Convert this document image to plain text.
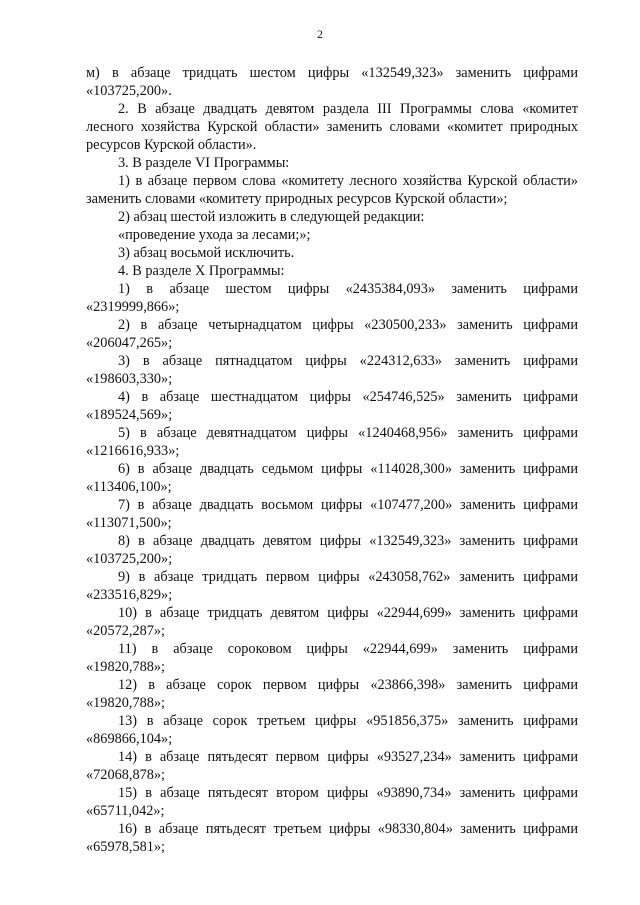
2

м) в абзаце тридцать шестом цифры «132549,323» заменить цифрами «103725,200».

2. В абзаце двадцать девятом раздела III Программы слова «комитет лесного хозяйства Курской области» заменить словами «комитет природных ресурсов Курской области».

3. В разделе VI Программы:

1) в абзаце первом слова «комитету лесного хозяйства Курской области» заменить словами «комитету природных ресурсов Курской области»;

2) абзац шестой изложить в следующей редакции:

«проведение ухода за лесами;»;

3) абзац восьмой исключить.

4. В разделе X Программы:

1) в абзаце шестом цифры «2435384,093» заменить цифрами «2319999,866»;

2) в абзаце четырнадцатом цифры «230500,233» заменить цифрами «206047,265»;

3) в абзаце пятнадцатом цифры «224312,633» заменить цифрами «198603,330»;

4) в абзаце шестнадцатом цифры «254746,525» заменить цифрами «189524,569»;

5) в абзаце девятнадцатом цифры «1240468,956» заменить цифрами «1216616,933»;

6) в абзаце двадцать седьмом цифры «114028,300» заменить цифрами «113406,100»;

7) в абзаце двадцать восьмом цифры «107477,200» заменить цифрами «113071,500»;

8) в абзаце двадцать девятом цифры «132549,323» заменить цифрами «103725,200»;

9) в абзаце тридцать первом цифры «243058,762» заменить цифрами «233516,829»;

10) в абзаце тридцать девятом цифры «22944,699» заменить цифрами «20572,287»;

11) в абзаце сороковом цифры «22944,699» заменить цифрами «19820,788»;

12) в абзаце сорок первом цифры «23866,398» заменить цифрами «19820,788»;

13) в абзаце сорок третьем цифры «951856,375» заменить цифрами «869866,104»;

14) в абзаце пятьдесят первом цифры «93527,234» заменить цифрами «72068,878»;

15) в абзаце пятьдесят втором цифры «93890,734» заменить цифрами «65711,042»;

16) в абзаце пятьдесят третьем цифры «98330,804» заменить цифрами «65978,581»;
